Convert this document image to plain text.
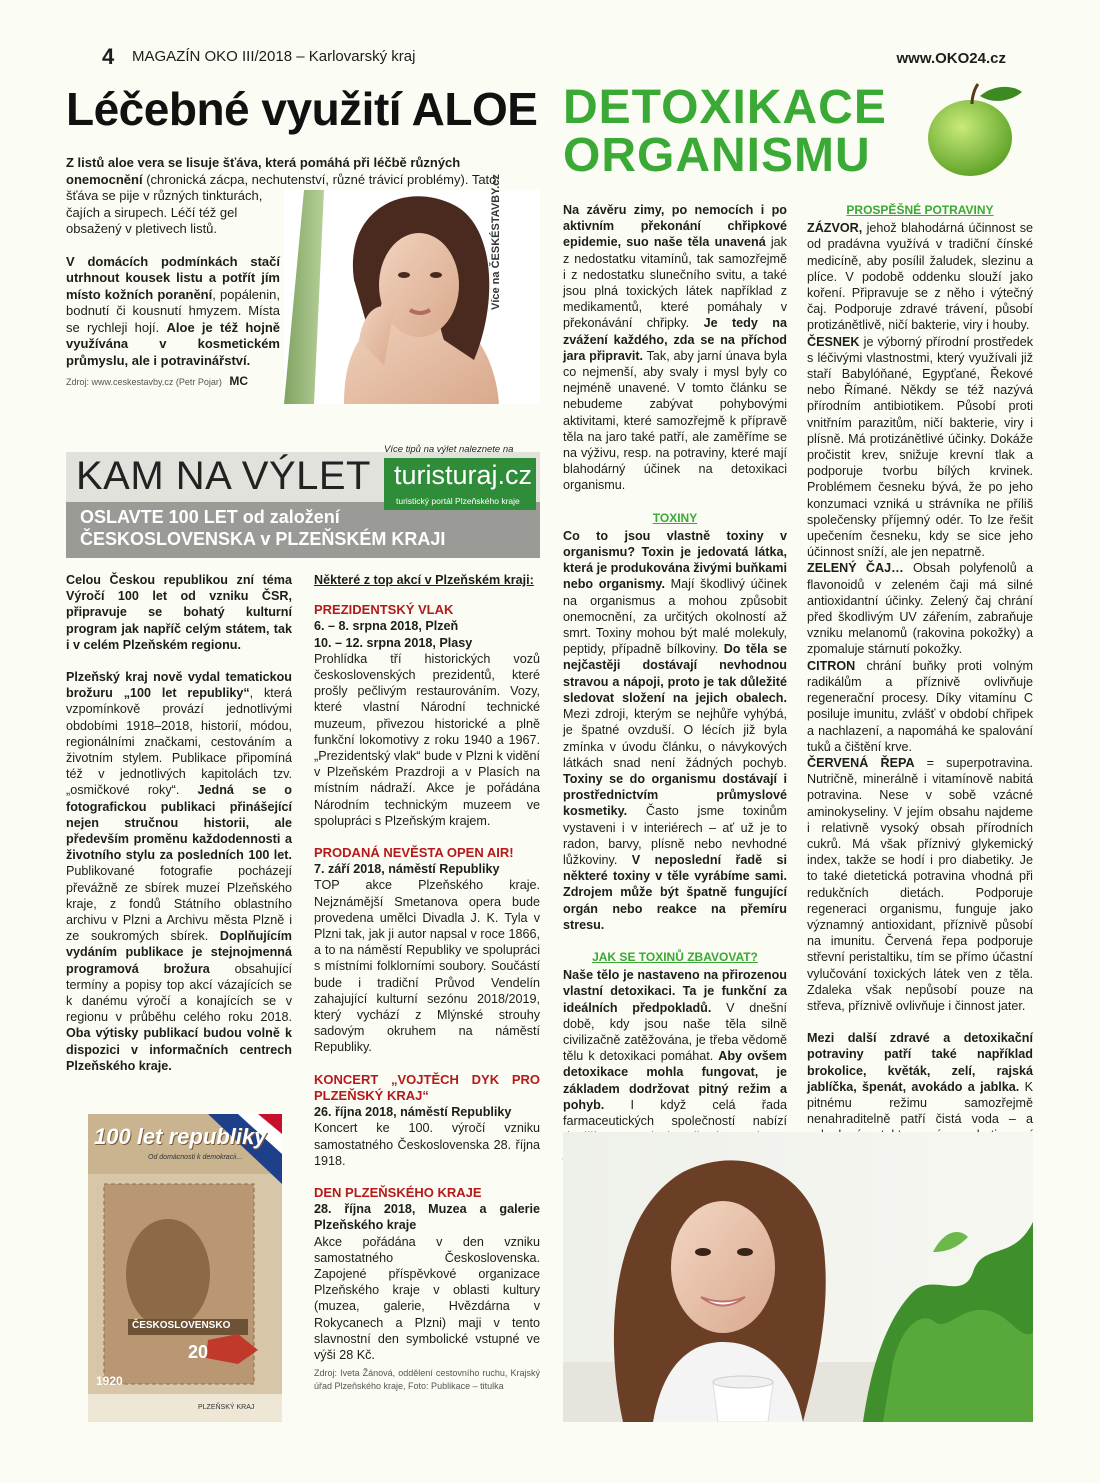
4 MAGAZÍN OKO III/2018 – Karlovarský kraj	www.OKO24.cz
Léčebné využití ALOE
Z listů aloe vera se lisuje šťáva, která pomáhá při léčbě různých onemocnění (chronická zácpa, nechutenství, různé trávicí problémy). Tato

šťáva se pije v různých tinkturách, čajích a sirupech. Léčí též gel obsažený v pletivech listů.

V domácích podmínkách stačí utrhnout kousek listu a potřít jím místo kožních poranění, popálenin, bodnutí či kousnutí hmyzem. Místa se rychleji hojí. Aloe je též hojně využívána v kosmetickém průmyslu, ale i potravinářství.

Zdroj: www.ceskestavby.cz (Petr Pojar) MC
Více na ČESKÉSTAVBY.cz
DETOXIKACE
ORGANISMU
KAM NA VÝLET
Více tipů na výlet naleznete na
turisturaj.cz
turistický portál Plzeňského kraje
OSLAVTE 100 LET od založení
ČESKOSLOVENSKA v PLZEŇSKÉM KRAJI

Celou Českou republikou zní téma Výročí 100 let od vzniku ČSR, připravuje se bohatý kulturní program jak napříč celým státem, tak i v celém Plzeňském regionu.

Plzeňský kraj nově vydal tematickou brožuru „100 let republiky“, která vzpomínkově provází jednotlivými obdobími 1918–2018, historií, módou, regionálními značkami, cestováním a životním stylem. Publikace připomíná též v jednotlivých kapitolách tzv. „osmičkové roky“. Jedná se o fotografickou publikaci přinášející nejen stručnou historii, ale především proměnu každodennosti a životního stylu za posledních 100 let. Publikované fotografie pocházejí převážně ze sbírek muzeí Plzeňského kraje, z fondů Státního oblastního archivu v Plzni a Archivu města Plzně i ze soukromých sbírek. Doplňujícím vydáním publikace je stejnojmenná programová brožura obsahující termíny a popisy top akcí vázajících se k danému výročí a konajících se v regionu v průběhu celého roku 2018. Oba výtisky publikací budou volně k dispozici v informačních centrech Plzeňského kraje.

100 let republiky
Od domácnosti k demokracii...
ČESKOSLOVENSKO
20
1920
PLZEŇSKÝ KRAJ

Některé z top akcí v Plzeňském kraji:

PREZIDENTSKÝ VLAK
6. – 8. srpna 2018, Plzeň
10. – 12. srpna 2018, Plasy

Prohlídka tří historických vozů československých prezidentů, které prošly pečlivým restaurováním. Vozy, které vlastní Národní technické muzeum, přivezou historické a plně funkční lokomotivy z roku 1940 a 1967. „Prezidentský vlak“ bude v Plzni k vidění v Plzeňském Prazdroji a v Plasích na místním nádraží. Akce je pořádána Národním technickým muzeem ve spolupráci s Plzeňským krajem.

PRODANÁ NEVĚSTA OPEN AIR!
7. září 2018, náměstí Republiky

TOP akce Plzeňského kraje. Nejznámější Smetanova opera bude provedena umělci Divadla J. K. Tyla v Plzni tak, jak ji autor napsal v roce 1866, a to na náměstí Republiky ve spolupráci s místními folklorními soubory. Součástí bude i tradiční Průvod Vendelín zahajující kulturní sezónu 2018/2019, který vychází z Mlýnské strouhy sadovým okruhem na náměstí Republiky.

KONCERT „VOJTĚCH DYK PRO PLZEŇSKÝ KRAJ“
26. října 2018, náměstí Republiky

Koncert ke 100. výročí vzniku samostatného Československa 28. října 1918.

DEN PLZEŇSKÉHO KRAJE
28. října 2018, Muzea a galerie Plzeňského kraje

Akce pořádána v den vzniku samostatného Československa. Zapojené příspěvkové organizace Plzeňského kraje v oblasti kultury (muzea, galerie, Hvězdárna v Rokycanech a Plzni) maji v tento slavnostní den symbolické vstupné ve výši 28 Kč.

Zdroj: Iveta Žánová, oddělení cestovního ruchu, Krajský úřad Plzeňského kraje, Foto: Publikace – titulka

Na závěru zimy, po nemocích i po aktivním překonání chřipkové epidemie, suo naše těla unavená jak z nedostatku vitamínů, tak samozřejmě i z nedostatku slunečního svitu, a také jsou plná toxických látek například z medikamentů, které pomáhaly v překonávání chřipky. Je tedy na zvážení každého, zda se na příchod jara připravit. Tak, aby jarní únava byla co nejmenší, aby svaly i mysl byly co nejméně unavené. V tomto článku se nebudeme zabývat pohybovými aktivitami, které samozřejmě k přípravě těla na jaro také patří, ale zaměříme se na výživu, resp. na potraviny, které mají blahodárný účinek na detoxikaci organismu.

TOXINY

Co to jsou vlastně toxiny v organismu? Toxin je jedovatá látka, která je produkována živými buňkami nebo organismy. Mají škodlivý účinek na organismus a mohou způsobit onemocnění, za určitých okolností až smrt. Toxiny mohou být malé molekuly, peptidy, případně bílkoviny. Do těla se nejčastěji dostávají nevhodnou stravou a nápoji, proto je tak důležité sledovat složení na jejich obalech. Mezi zdroji, kterým se nejhůře vyhýbá, je špatné ovzduší. O lécích již byla zmínka v úvodu článku, o návykových látkách snad není žádných pochyb. Toxiny se do organismu dostávají i prostřednictvím průmyslové kosmetiky. Často jsme toxinům vystaveni i v interiérech – ať už je to radon, barvy, plísně nebo nevhodné lůžkoviny. V neposlední řadě si některé toxiny v těle vyrábíme sami. Zdrojem může být špatně fungující orgán nebo reakce na přemíru stresu.

JAK SE TOXINŮ ZBAVOVAT?

Naše tělo je nastaveno na přirozenou vlastní detoxikaci. Ta je funkční za ideálních předpokladů. V dnešní době, kdy jsou naše těla silně civilizačně zatěžována, je třeba vědomě tělu k detoxikaci pomáhat. Aby ovšem detoxikace mohla fungovat, je základem dodržovat pitný režim a pohyb. I když celá řada farmaceutických společností nabízí

PROSPĚŠNÉ POTRAVINY
ZÁZVOR, jehož blahodárná účinnost se od pradávna využívá v tradiční čínské medicíně, aby posílil žaludek, slezinu a plíce. V podobě oddenku slouží jako koření. Připravuje se z něho i výtečný čaj. Podporuje zdravé trávení, působí protizánětlivě, ničí bakterie, viry i houby.
ČESNEK je výborný přírodní prostředek s léčivými vlastnostmi, který využívali již staří Babylóňané, Egypťané, Řekové nebo Římané. Někdy se též nazývá přírodním antibiotikem. Působí proti vnitřním parazitům, ničí bakterie, viry i plísně. Má protizánětlivé účinky. Dokáže pročistit krev, snižuje krevní tlak a podporuje tvorbu bílých krvinek. Problémem česneku bývá, že po jeho konzumaci vzniká u strávníka ne příliš společensky příjemný odér. To lze řešit upečením česneku, kdy se sice jeho účinnost sníží, ale jen nepatrně.
ZELENÝ ČAJ… Obsah polyfenolů a flavonoidů v zeleném čaji má silné antioxidantní účinky. Zelený čaj chrání před škodlivým UV zářením, zabraňuje vzniku melanomů (rakovina pokožky) a zpomaluje stárnutí pokožky.
CITRON chrání buňky proti volným radikálům a příznivě ovlivňuje regenerační procesy. Díky vitamínu C posiluje imunitu, zvlášť v období chřipek a nachlazení, a napomáhá ke spalování tuků a čištění krve.

ČERVENÁ ŘEPA = superpotravina. Nutričně, minerálně i vitamínově nabitá potravina. Nese v sobě vzácné aminokyseliny. V jejím obsahu najdeme i relativně vysoký obsah přírodních cukrů. Má však příznivý glykemický index, takže se hodí i pro diabetiky. Je to také dietetická potravina vhodná při redukčních dietách. Podporuje regeneraci organismu, funguje jako významný antioxidant, příznivě působí na imunitu. Červená řepa podporuje střevní peristaltiku, tím se přímo účastní vylučování toxických látek ven z těla. Zdaleka však nepůsobí pouze na střeva, příznivě ovlivňuje i činnost jater.

Mezi další zdravé a detoxikační potraviny patří také například brokolice, květák, zelí, rajská jablíčka, špenát, avokádo a jablka. K pitnému režimu samozřejmě nenahraditelně patří čistá voda – a
